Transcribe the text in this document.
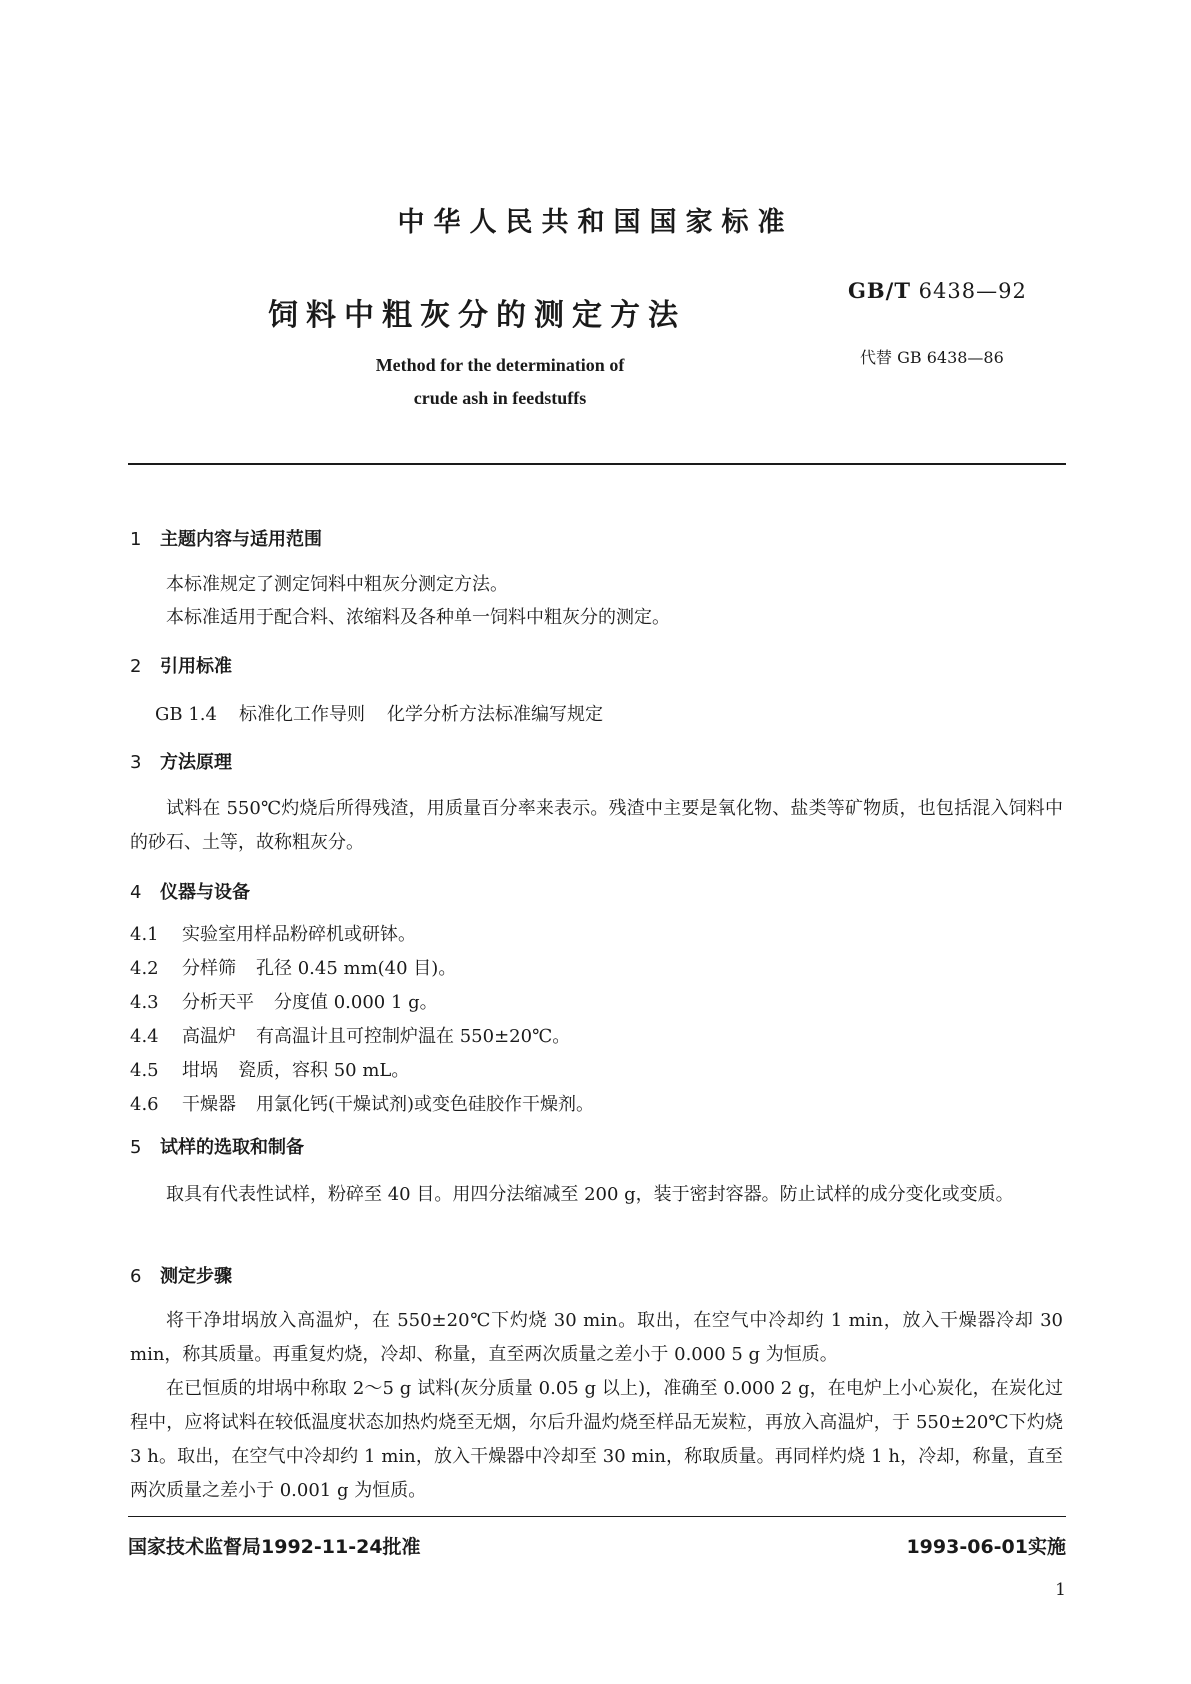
中华人民共和国国家标准
饲料中粗灰分的测定方法
GB/T 6438—92
代替 GB 6438—86
Method for the determination of
crude ash in feedstuffs
1 主题内容与适用范围
本标准规定了测定饲料中粗灰分测定方法。
本标准适用于配合料、浓缩料及各种单一饲料中粗灰分的测定。
2 引用标准
GB 1.4 标准化工作导则 化学分析方法标准编写规定
3 方法原理
试料在 550℃灼烧后所得残渣，用质量百分率来表示。残渣中主要是氧化物、盐类等矿物质，也包括混入饲料中的砂石、土等，故称粗灰分。
4 仪器与设备
4.1 实验室用样品粉碎机或研钵。
4.2 分样筛 孔径 0.45 mm(40 目)。
4.3 分析天平 分度值 0.000 1 g。
4.4 高温炉 有高温计且可控制炉温在 550±20℃。
4.5 坩埚 瓷质，容积 50 mL。
4.6 干燥器 用氯化钙(干燥试剂)或变色硅胶作干燥剂。
5 试样的选取和制备
取具有代表性试样，粉碎至 40 目。用四分法缩减至 200 g，装于密封容器。防止试样的成分变化或变质。
6 测定步骤
将干净坩埚放入高温炉，在 550±20℃下灼烧 30 min。取出，在空气中冷却约 1 min，放入干燥器冷却 30 min，称其质量。再重复灼烧，冷却、称量，直至两次质量之差小于 0.000 5 g 为恒质。
在已恒质的坩埚中称取 2～5 g 试料(灰分质量 0.05 g 以上)，准确至 0.000 2 g，在电炉上小心炭化，在炭化过程中，应将试料在较低温度状态加热灼烧至无烟，尔后升温灼烧至样品无炭粒，再放入高温炉，于 550±20℃下灼烧 3 h。取出，在空气中冷却约 1 min，放入干燥器中冷却至 30 min，称取质量。再同样灼烧 1 h，冷却，称量，直至两次质量之差小于 0.001 g 为恒质。
国家技术监督局1992-11-24批准	1993-06-01实施
1
